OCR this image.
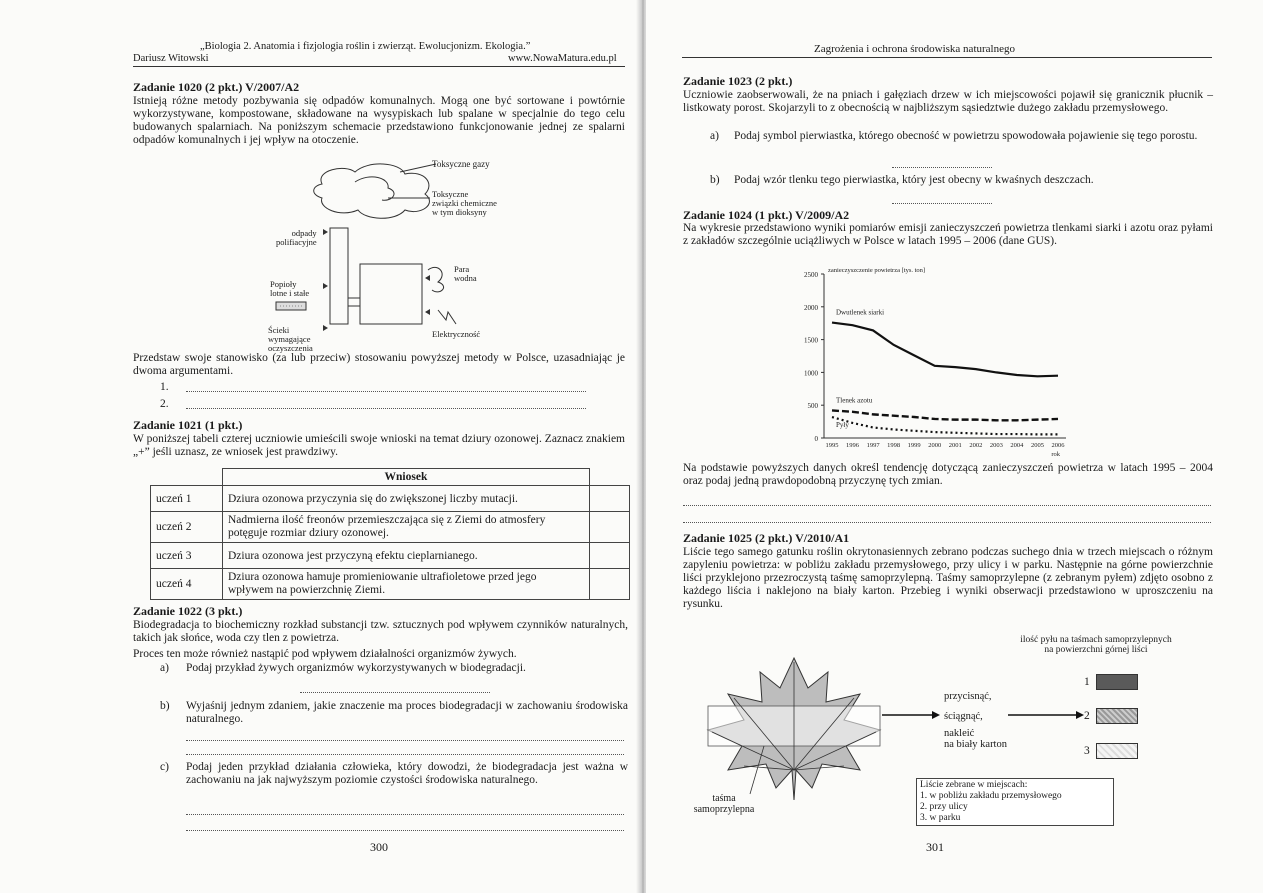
„Biologia 2. Anatomia i fizjologia roślin i zwierząt. Ewolucjonizm. Ekologia.”
Dariusz Witowski	www.NowaMatura.edu.pl
Zadanie 1020 (2 pkt.) V/2007/A2
Istnieją różne metody pozbywania się odpadów komunalnych. Mogą one być sortowane i powtórnie wykorzystywane, kompostowane, składowane na wysypiskach lub spalane w specjalnie do tego celu budowanych spalarniach. Na poniższym schemacie przedstawiono funkcjonowanie jednej ze spalarni odpadów komunalnych i jej wpływ na otoczenie.
Toksyczne gazy
Toksyczne
związki chemiczne
w tym dioksyny
odpady
polifiacyjne
Para
wodna
Popioły
lotne i stałe
Ścieki
wymagające
oczyszczenia
Elektryczność
Przedstaw swoje stanowisko (za lub przeciw) stosowaniu powyższej metody w Polsce, uzasadniając je dwoma argumentami.
1.
2.
Zadanie 1021 (1 pkt.)
W poniższej tabeli czterej uczniowie umieścili swoje wnioski na temat dziury ozonowej. Zaznacz znakiem „+” jeśli uznasz, ze wniosek jest prawdziwy.
	Wniosek	
uczeń 1	Dziura ozonowa przyczynia się do zwiększonej liczby mutacji.	
uczeń 2	Nadmierna ilość freonów przemieszczająca się z Ziemi do atmosfery potęguje rozmiar dziury ozonowej.	
uczeń 3	Dziura ozonowa jest przyczyną efektu cieplarnianego.	
uczeń 4	Dziura ozonowa hamuje promieniowanie ultrafioletowe przed jego wpływem na powierzchnię Ziemi.	
Zadanie 1022 (3 pkt.)
Biodegradacja to biochemiczny rozkład substancji tzw. sztucznych pod wpływem czynników naturalnych, takich jak słońce, woda czy tlen z powietrza.
Proces ten może również nastąpić pod wpływem działalności organizmów żywych.
a) Podaj przykład żywych organizmów wykorzystywanych w biodegradacji.
b) Wyjaśnij jednym zdaniem, jakie znaczenie ma proces biodegradacji w zachowaniu środowiska naturalnego.
c) Podaj jeden przykład działania człowieka, który dowodzi, że biodegradacja jest ważna w zachowaniu na jak najwyższym poziomie czystości środowiska naturalnego.
300
Zagrożenia i ochrona środowiska naturalnego
Zadanie 1023 (2 pkt.)
Uczniowie zaobserwowali, że na pniach i gałęziach drzew w ich miejscowości pojawił się granicznik płucnik – listkowaty porost. Skojarzyli to z obecnością w najbliższym sąsiedztwie dużego zakładu przemysłowego.
a) Podaj symbol pierwiastka, którego obecność w powietrzu spowodowała pojawienie się tego porostu.
b) Podaj wzór tlenku tego pierwiastka, który jest obecny w kwaśnych deszczach.
Zadanie 1024 (1 pkt.) V/2009/A2
Na wykresie przedstawiono wyniki pomiarów emisji zanieczyszczeń powietrza tlenkami siarki i azotu oraz pyłami z zakładów szczególnie uciążliwych w Polsce w latach 1995 – 2006 (dane GUS).
0
500
1000
1500
2000
2500
1995 1996 1997 1998 1999 2000 2001 2002 2003 2004 2005 2006
rok
zanieczyszczenie powietrza [tys. ton]
Dwutlenek siarki
Tlenek azotu
Pyły
Na podstawie powyższych danych określ tendencję dotyczącą zanieczyszczeń powietrza w latach 1995 – 2004 oraz podaj jedną prawdopodobną przyczynę tych zmian.
Zadanie 1025 (2 pkt.) V/2010/A1
Liście tego samego gatunku roślin okrytonasiennych zebrano podczas suchego dnia w trzech miejscach o różnym zapyleniu powietrza: w pobliżu zakładu przemysłowego, przy ulicy i w parku. Następnie na górne powierzchnie liści przyklejono przezroczystą taśmę samoprzylepną. Taśmy samoprzylepne (z zebranym pyłem) zdjęto osobno z każdego liścia i naklejono na biały karton. Przebieg i wyniki obserwacji przedstawiono w uproszczeniu na rysunku.
ilość pyłu na taśmach samoprzylepnych
na powierzchni górnej liści
przycisnąć,
ściągnąć,
nakleić
na biały karton
1
2
3
Liście zebrane w miejscach:
1. w pobliżu zakładu przemysłowego
2. przy ulicy
3. w parku
taśma
samoprzylepna
301
